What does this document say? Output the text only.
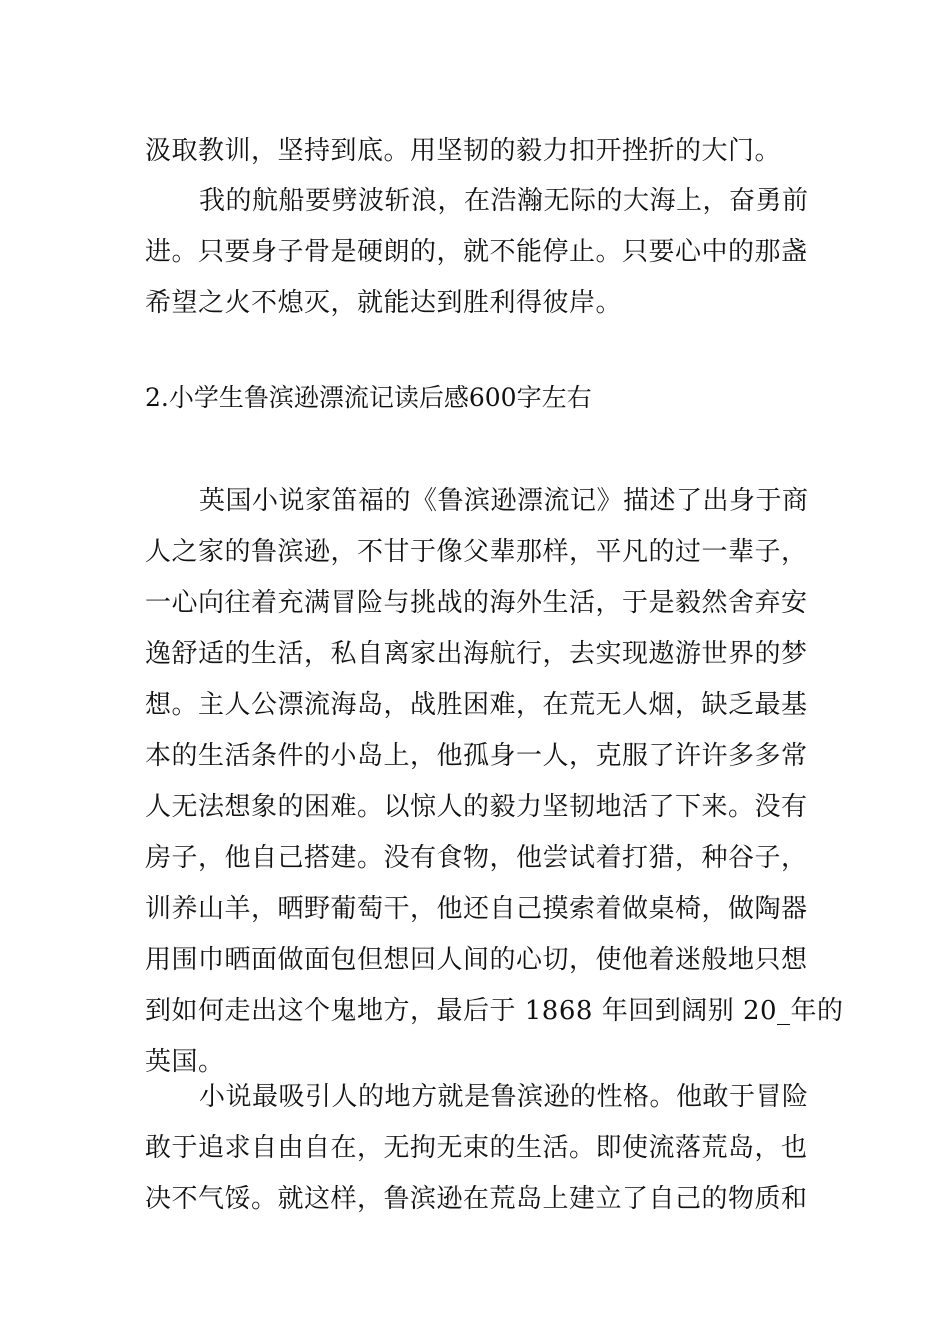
汲取教训，坚持到底。用坚韧的毅力扣开挫折的大门。
我的航船要劈波斩浪，在浩瀚无际的大海上，奋勇前
进。只要身子骨是硬朗的，就不能停止。只要心中的那盏
希望之火不熄灭，就能达到胜利得彼岸。
2.小学生鲁滨逊漂流记读后感600字左右
英国小说家笛福的《鲁滨逊漂流记》描述了出身于商
人之家的鲁滨逊，不甘于像父辈那样，平凡的过一辈子，
一心向往着充满冒险与挑战的海外生活，于是毅然舍弃安
逸舒适的生活，私自离家出海航行，去实现遨游世界的梦
想。主人公漂流海岛，战胜困难，在荒无人烟，缺乏最基
本的生活条件的小岛上，他孤身一人，克服了许许多多常
人无法想象的困难。以惊人的毅力坚韧地活了下来。没有
房子，他自己搭建。没有食物，他尝试着打猎，种谷子，
训养山羊，晒野葡萄干，他还自己摸索着做桌椅，做陶器
用围巾晒面做面包但想回人间的心切，使他着迷般地只想
到如何走出这个鬼地方，最后于 1868 年回到阔别 20_年的
英国。
小说最吸引人的地方就是鲁滨逊的性格。他敢于冒险
敢于追求自由自在，无拘无束的生活。即使流落荒岛，也
决不气馁。就这样，鲁滨逊在荒岛上建立了自己的物质和
